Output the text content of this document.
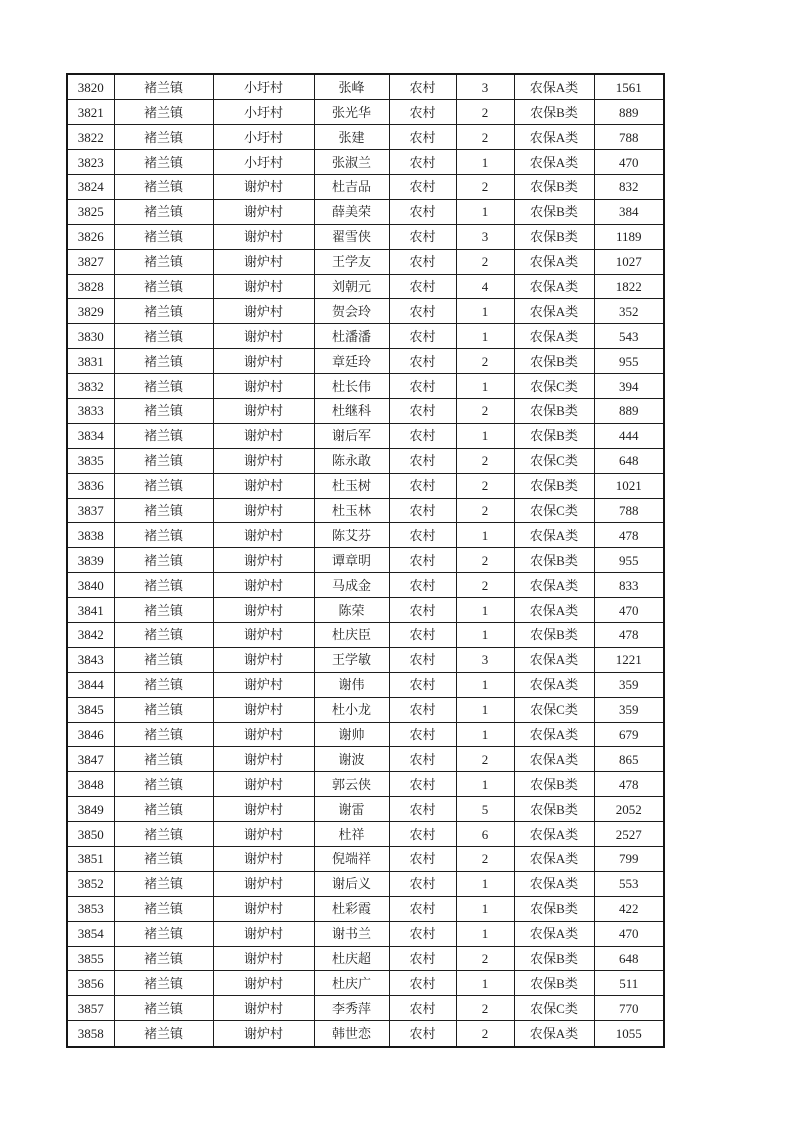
3820	褚兰镇	小圩村	张峰	农村	3	农保A类	1561
3821	褚兰镇	小圩村	张光华	农村	2	农保B类	889
3822	褚兰镇	小圩村	张建	农村	2	农保A类	788
3823	褚兰镇	小圩村	张淑兰	农村	1	农保A类	470
3824	褚兰镇	谢炉村	杜吉品	农村	2	农保B类	832
3825	褚兰镇	谢炉村	薛美荣	农村	1	农保B类	384
3826	褚兰镇	谢炉村	翟雪侠	农村	3	农保B类	1189
3827	褚兰镇	谢炉村	王学友	农村	2	农保A类	1027
3828	褚兰镇	谢炉村	刘朝元	农村	4	农保A类	1822
3829	褚兰镇	谢炉村	贺会玲	农村	1	农保A类	352
3830	褚兰镇	谢炉村	杜潘潘	农村	1	农保A类	543
3831	褚兰镇	谢炉村	章廷玲	农村	2	农保B类	955
3832	褚兰镇	谢炉村	杜长伟	农村	1	农保C类	394
3833	褚兰镇	谢炉村	杜继科	农村	2	农保B类	889
3834	褚兰镇	谢炉村	谢后军	农村	1	农保B类	444
3835	褚兰镇	谢炉村	陈永敢	农村	2	农保C类	648
3836	褚兰镇	谢炉村	杜玉树	农村	2	农保B类	1021
3837	褚兰镇	谢炉村	杜玉林	农村	2	农保C类	788
3838	褚兰镇	谢炉村	陈艾芬	农村	1	农保A类	478
3839	褚兰镇	谢炉村	谭章明	农村	2	农保B类	955
3840	褚兰镇	谢炉村	马成金	农村	2	农保A类	833
3841	褚兰镇	谢炉村	陈荣	农村	1	农保A类	470
3842	褚兰镇	谢炉村	杜庆臣	农村	1	农保B类	478
3843	褚兰镇	谢炉村	王学敏	农村	3	农保A类	1221
3844	褚兰镇	谢炉村	谢伟	农村	1	农保A类	359
3845	褚兰镇	谢炉村	杜小龙	农村	1	农保C类	359
3846	褚兰镇	谢炉村	谢帅	农村	1	农保A类	679
3847	褚兰镇	谢炉村	谢波	农村	2	农保A类	865
3848	褚兰镇	谢炉村	郭云侠	农村	1	农保B类	478
3849	褚兰镇	谢炉村	谢雷	农村	5	农保B类	2052
3850	褚兰镇	谢炉村	杜祥	农村	6	农保A类	2527
3851	褚兰镇	谢炉村	倪端祥	农村	2	农保A类	799
3852	褚兰镇	谢炉村	谢后义	农村	1	农保A类	553
3853	褚兰镇	谢炉村	杜彩霞	农村	1	农保B类	422
3854	褚兰镇	谢炉村	谢书兰	农村	1	农保A类	470
3855	褚兰镇	谢炉村	杜庆超	农村	2	农保B类	648
3856	褚兰镇	谢炉村	杜庆广	农村	1	农保B类	511
3857	褚兰镇	谢炉村	李秀萍	农村	2	农保C类	770
3858	褚兰镇	谢炉村	韩世恋	农村	2	农保A类	1055
